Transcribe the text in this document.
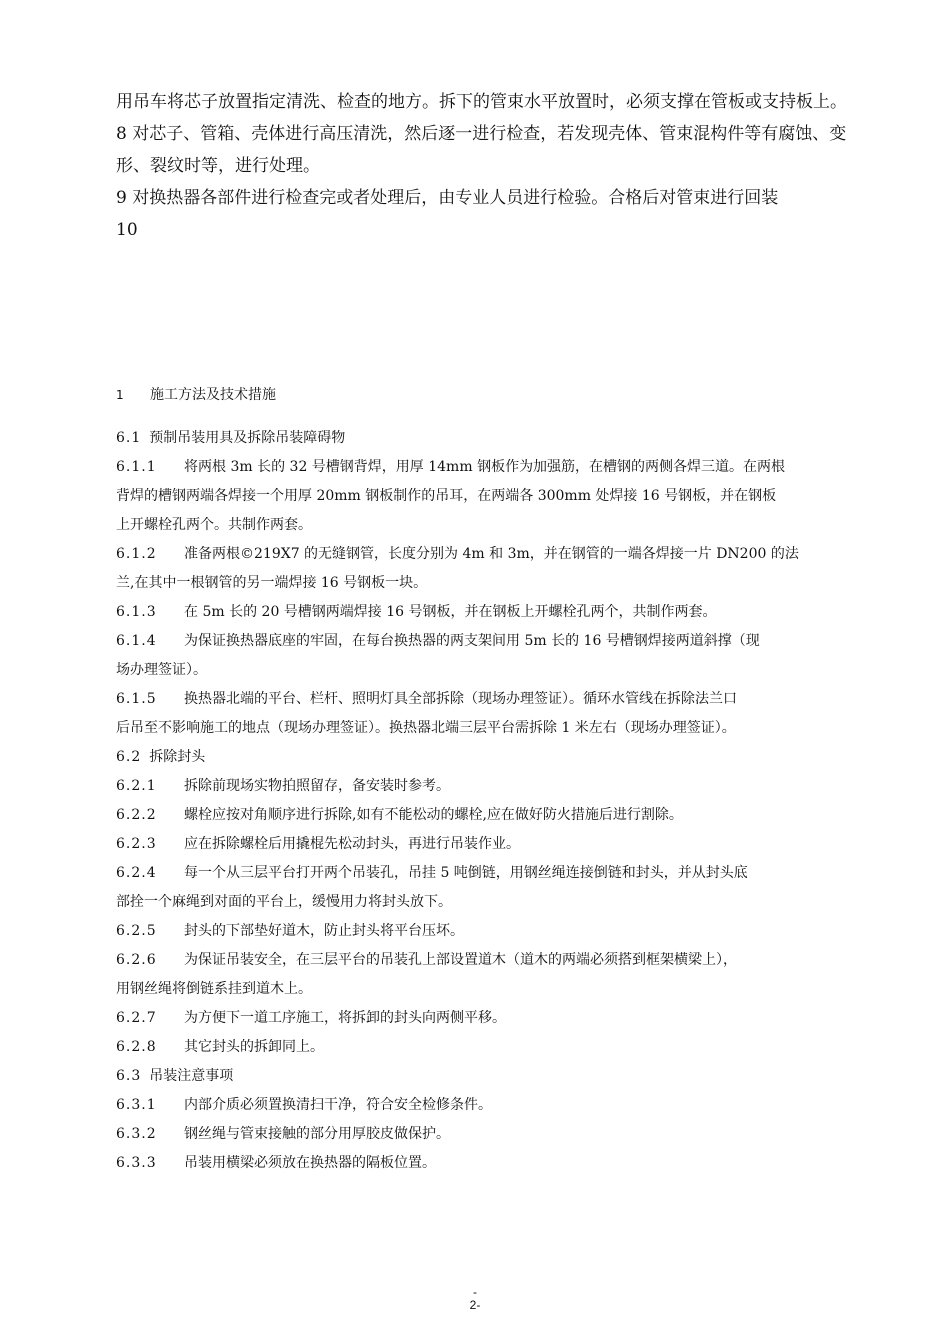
用吊车将芯子放置指定清洗、检查的地方。拆下的管束水平放置时，必须支撑在管板或支持板上。

8 对芯子、管箱、壳体进行高压清洗，然后逐一进行检查，若发现壳体、管束混构件等有腐蚀、变形、裂纹时等，进行处理。

9 对换热器各部件进行检查完或者处理后，由专业人员进行检验。合格后对管束进行回装

10

1 施工方法及技术措施
6.1 预制吊装用具及拆除吊装障碍物
6.1.1 将两根 3m 长的 32 号槽钢背焊，用厚 14mm 钢板作为加强筋，在槽钢的两侧各焊三道。在两根
背焊的槽钢两端各焊接一个用厚 20mm 钢板制作的吊耳，在两端各 300mm 处焊接 16 号钢板，并在钢板
上开螺栓孔两个。共制作两套。
6.1.2 准备两根©219X7 的无缝钢管，长度分别为 4m 和 3m，并在钢管的一端各焊接一片 DN200 的法
兰,在其中一根钢管的另一端焊接 16 号钢板一块。
6.1.3 在 5m 长的 20 号槽钢两端焊接 16 号钢板，并在钢板上开螺栓孔两个，共制作两套。
6.1.4 为保证换热器底座的牢固，在每台换热器的两支架间用 5m 长的 16 号槽钢焊接两道斜撑（现
场办理签证）。
6.1.5 换热器北端的平台、栏杆、照明灯具全部拆除（现场办理签证）。循环水管线在拆除法兰口
后吊至不影响施工的地点（现场办理签证）。换热器北端三层平台需拆除 1 米左右（现场办理签证）。
6.2 拆除封头
6.2.1 拆除前现场实物拍照留存，备安装时参考。
6.2.2 螺栓应按对角顺序进行拆除,如有不能松动的螺栓,应在做好防火措施后进行割除。
6.2.3 应在拆除螺栓后用撬棍先松动封头，再进行吊装作业。
6.2.4 每一个从三层平台打开两个吊装孔，吊挂 5 吨倒链，用钢丝绳连接倒链和封头，并从封头底
部拴一个麻绳到对面的平台上，缓慢用力将封头放下。
6.2.5 封头的下部垫好道木，防止封头将平台压坏。
6.2.6 为保证吊装安全，在三层平台的吊装孔上部设置道木（道木的两端必须搭到框架横梁上），
用钢丝绳将倒链系挂到道木上。
6.2.7 为方便下一道工序施工，将拆卸的封头向两侧平移。
6.2.8 其它封头的拆卸同上。
6.3 吊装注意事项
6.3.1 内部介质必须置换清扫干净，符合安全检修条件。
6.3.2 钢丝绳与管束接触的部分用厚胶皮做保护。
6.3.3 吊装用横梁必须放在换热器的隔板位置。
-
2-
